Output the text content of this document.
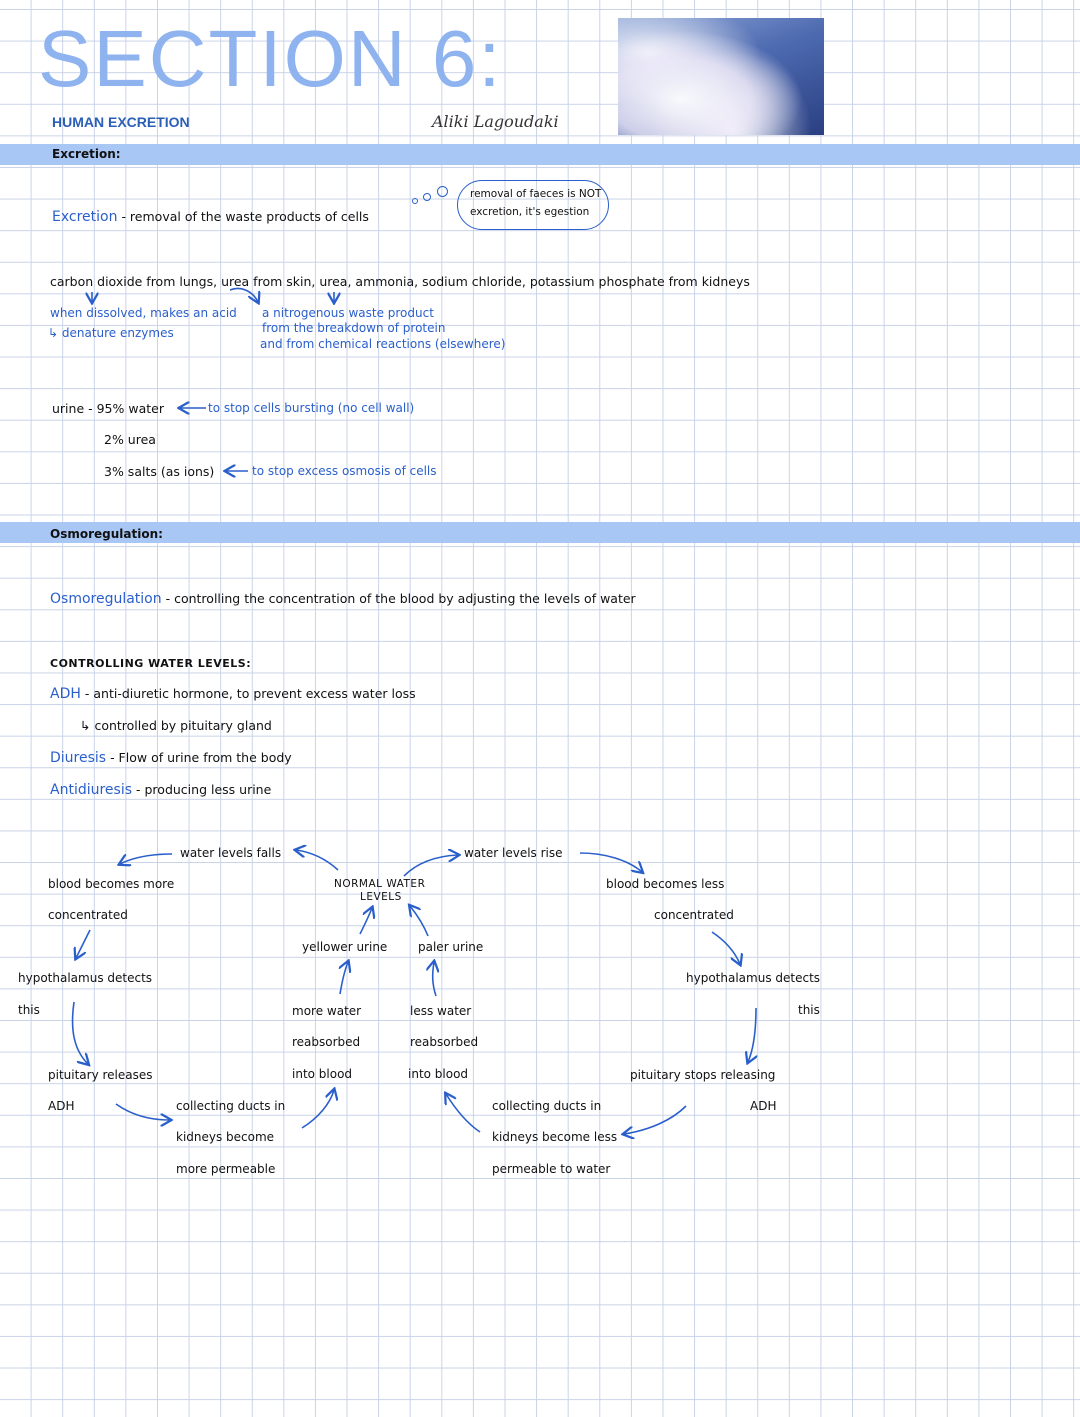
SECTION 6:
HUMAN EXCRETION	Aliki Lagoudaki
Excretion:
Excretion - removal of the waste products of cells
removal of faeces is NOT excretion, it's egestion
carbon dioxide from lungs, urea from skin, urea, ammonia, sodium chloride, potassium phosphate from kidneys
when dissolved, makes an acid
↳ denature enzymes
a nitrogenous waste product
from the breakdown of protein
and from chemical reactions (elsewhere)
urine - 95% water	to stop cells bursting (no cell wall)
2% urea
3% salts (as ions)	to stop excess osmosis of cells
Osmoregulation:
Osmoregulation - controlling the concentration of the blood by adjusting the levels of water
CONTROLLING WATER LEVELS:
ADH - anti-diuretic hormone, to prevent excess water loss
↳ controlled by pituitary gland
Diuresis - Flow of urine from the body
Antidiuresis - producing less urine
NORMAL WATER
LEVELS
water levels falls	water levels rise
blood becomes more
concentrated
hypothalamus detects
this
pituitary releases
ADH	collecting ducts in
kidneys become
more permeable
more water
reabsorbed
into blood
yellower urine	paler urine
less water
reabsorbed
into blood
collecting ducts in
kidneys become less
permeable to water
blood becomes less
concentrated
hypothalamus detects
this
pituitary stops releasing
ADH
